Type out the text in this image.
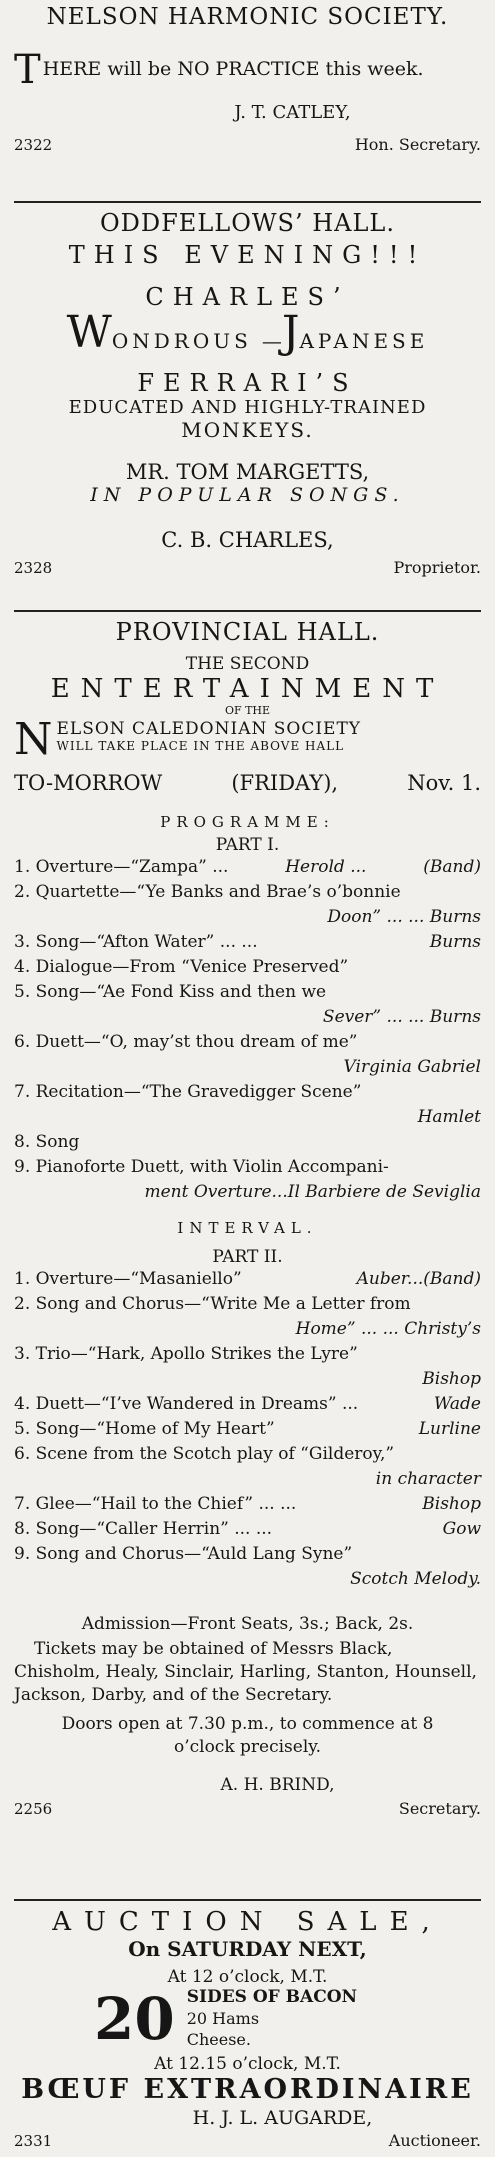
NELSON HARMONIC SOCIETY.
T HERE will be NO PRACTICE this week.
J. T. CATLEY,
2322	Hon. Secretary.
ODDFELLOWS’ HALL.
THIS EVENING!!!
CHARLES’
W ONDROUS — J APANESE
FERRARI’S
EDUCATED AND HIGHLY-TRAINED
MONKEYS.
MR. TOM MARGETTS,
IN POPULAR SONGS.
C. B. CHARLES,
2328	Proprietor.
PROVINCIAL HALL.
THE SECOND
ENTERTAINMENT
OF THE
N ELSON CALEDONIAN SOCIETY
WILL TAKE PLACE IN THE ABOVE HALL
TO-MORROW	(FRIDAY),	Nov. 1.
PROGRAMME:
PART I.
1. Overture—“Zampa” ...	Herold ...	(Band)
2. Quartette—“Ye Banks and Brae’s o’bonnie
Doon” ... ... Burns
3. Song—“Afton Water” ... ...	Burns
4. Dialogue—From “Venice Preserved”
5. Song—“Ae Fond Kiss and then we
Sever” ... ... Burns
6. Duett—“O, may’st thou dream of me”
Virginia Gabriel
7. Recitation—“The Gravedigger Scene”
Hamlet
8. Song
9. Pianoforte Duett, with Violin Accompani-
ment Overture...Il Barbiere de Seviglia
INTERVAL.
PART II.
1. Overture—“Masaniello”	Auber...(Band)
2. Song and Chorus—“Write Me a Letter from
Home” ... ... Christy’s
3. Trio—“Hark, Apollo Strikes the Lyre”
Bishop
4. Duett—“I’ve Wandered in Dreams” ...	Wade
5. Song—“Home of My Heart”	Lurline
6. Scene from the Scotch play of “Gilderoy,”
in character
7. Glee—“Hail to the Chief” ... ...	Bishop
8. Song—“Caller Herrin” ... ...	Gow
9. Song and Chorus—“Auld Lang Syne”
Scotch Melody.
Admission—Front Seats, 3s.; Back, 2s.
Tickets may be obtained of Messrs Black, Chisholm, Healy, Sinclair, Harling, Stanton, Hounsell, Jackson, Darby, and of the Secretary.
Doors open at 7.30 p.m., to commence at 8 o’clock precisely.
A. H. BRIND,
2256	Secretary.
AUCTION SALE,
On SATURDAY NEXT,
At 12 o’clock, M.T.
20 SIDES OF BACON
20 Hams
Cheese.
At 12.15 o’clock, M.T.
BŒUF EXTRAORDINAIRE
H. J. L. AUGARDE,
2331	Auctioneer.
